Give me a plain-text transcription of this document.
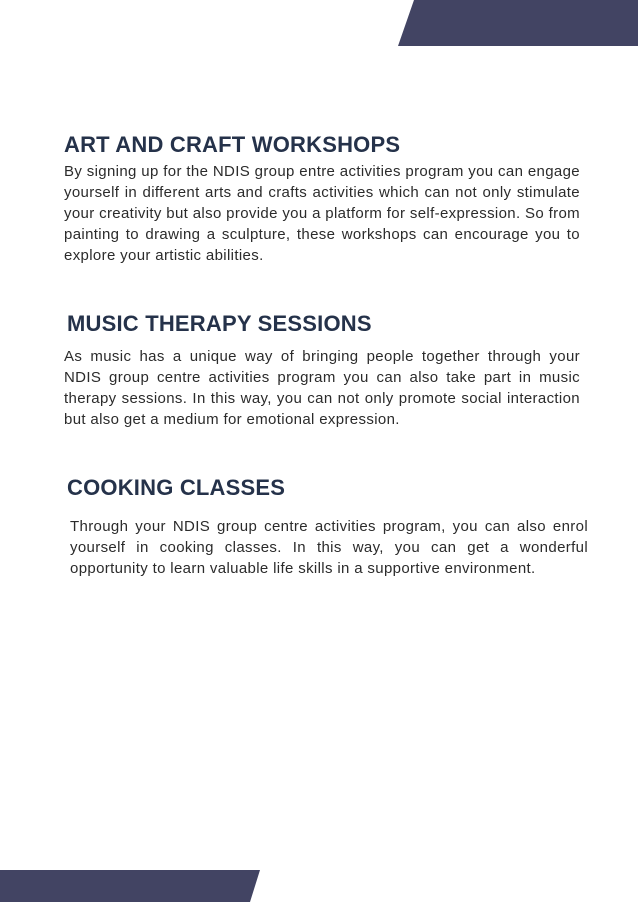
ART AND CRAFT WORKSHOPS

By signing up for the NDIS group entre activities program you can engage yourself in different arts and crafts activities which can not only stimulate your creativity but also provide you a platform for self-expression. So from painting to drawing a sculpture, these workshops can encourage you to explore your artistic abilities.

MUSIC THERAPY SESSIONS

As music has a unique way of bringing people together through your NDIS group centre activities program you can also take part in music therapy sessions. In this way, you can not only promote social interaction but also get a medium for emotional expression.

COOKING CLASSES

Through your NDIS group centre activities program, you can also enrol yourself in cooking classes. In this way, you can get a wonderful opportunity to learn valuable life skills in a supportive environment.
